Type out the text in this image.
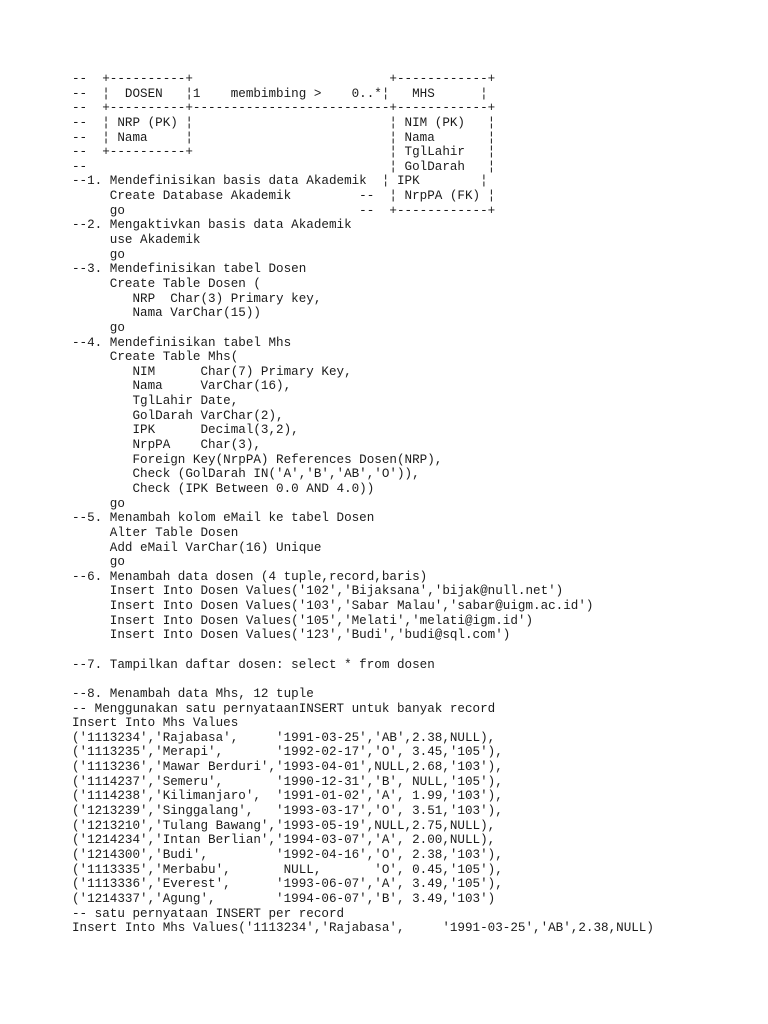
--  +----------+                          +------------+
--  ¦  DOSEN   ¦1    membimbing >    0..*¦   MHS      ¦
--  +----------+--------------------------+------------+
--  ¦ NRP (PK) ¦                          ¦ NIM (PK)   ¦
--  ¦ Nama     ¦                          ¦ Nama       ¦
--  +----------+                          ¦ TglLahir   ¦
--                                        ¦ GolDarah   ¦
--1. Mendefinisikan basis data Akademik  ¦ IPK        ¦
Create Database Akademik         --  ¦ NrpPA (FK) ¦
go                               --  +------------+
--2. Mengaktivkan basis data Akademik
use Akademik
go
--3. Mendefinisikan tabel Dosen
Create Table Dosen (
NRP  Char(3) Primary key,
Nama VarChar(15))
go
--4. Mendefinisikan tabel Mhs
Create Table Mhs(
NIM      Char(7) Primary Key,
Nama     VarChar(16),
TglLahir Date,
GolDarah VarChar(2),
IPK      Decimal(3,2),
NrpPA    Char(3),
Foreign Key(NrpPA) References Dosen(NRP),
Check (GolDarah IN('A','B','AB','O')),
Check (IPK Between 0.0 AND 4.0))
go
--5. Menambah kolom eMail ke tabel Dosen
Alter Table Dosen
Add eMail VarChar(16) Unique
go
--6. Menambah data dosen (4 tuple,record,baris)
Insert Into Dosen Values('102','Bijaksana','bijak@null.net')
Insert Into Dosen Values('103','Sabar Malau','sabar@uigm.ac.id')
Insert Into Dosen Values('105','Melati','melati@igm.id')
Insert Into Dosen Values('123','Budi','budi@sql.com')
--7. Tampilkan daftar dosen: select * from dosen
--8. Menambah data Mhs, 12 tuple
-- Menggunakan satu pernyataanINSERT untuk banyak record
Insert Into Mhs Values
('1113234','Rajabasa',     '1991-03-25','AB',2.38,NULL),
('1113235','Merapi',       '1992-02-17','O', 3.45,'105'),
('1113236','Mawar Berduri','1993-04-01',NULL,2.68,'103'),
('1114237','Semeru',       '1990-12-31','B', NULL,'105'),
('1114238','Kilimanjaro',  '1991-01-02','A', 1.99,'103'),
('1213239','Singgalang',   '1993-03-17','O', 3.51,'103'),
('1213210','Tulang Bawang','1993-05-19',NULL,2.75,NULL),
('1214234','Intan Berlian','1994-03-07','A', 2.00,NULL),
('1214300','Budi',         '1992-04-16','O', 2.38,'103'),
('1113335','Merbabu',       NULL,       'O', 0.45,'105'),
('1113336','Everest',      '1993-06-07','A', 3.49,'105'),
('1214337','Agung',        '1994-06-07','B', 3.49,'103')
-- satu pernyataan INSERT per record
Insert Into Mhs Values('1113234','Rajabasa',     '1991-03-25','AB',2.38,NULL)
